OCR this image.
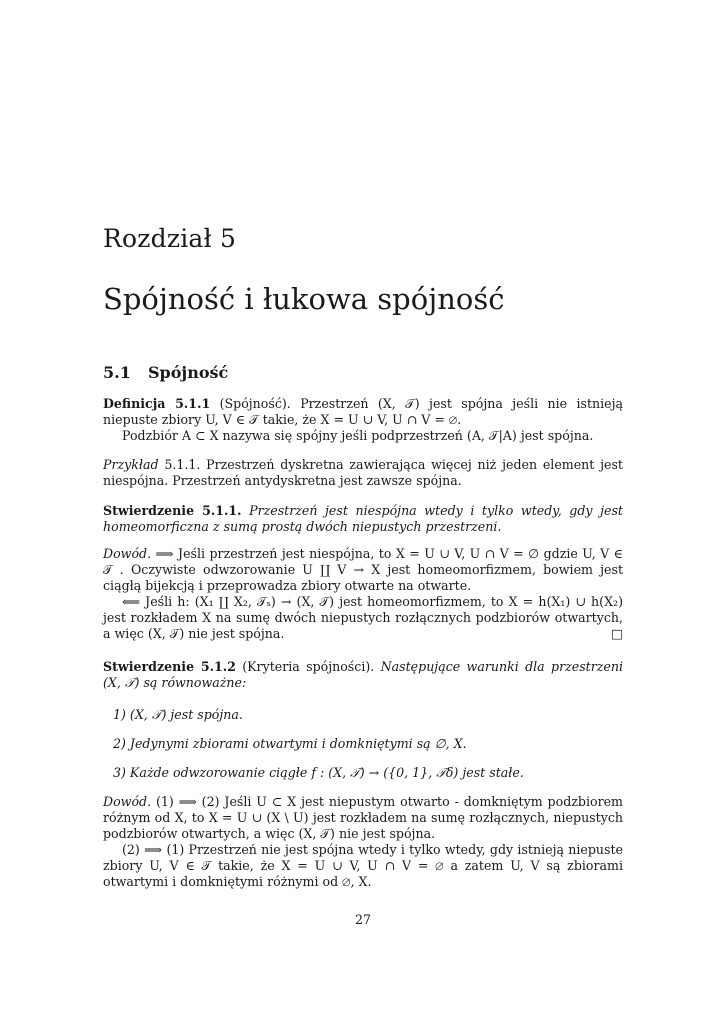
Rozdział 5
Spójność i łukowa spójność
5.1 Spójność

Definicja 5.1.1 (Spójność). Przestrzeń (X, 𝒯) jest spójna jeśli nie istnieją niepuste zbiory U, V ∈ 𝒯 takie, że X = U ∪ V, U ∩ V = ∅.

Podzbiór A ⊂ X nazywa się spójny jeśli podprzestrzeń (A, 𝒯|A) jest spójna.

Przykład 5.1.1. Przestrzeń dyskretna zawierająca więcej niż jeden element jest niespójna. Przestrzeń antydyskretna jest zawsze spójna.

Stwierdzenie 5.1.1. Przestrzeń jest niespójna wtedy i tylko wtedy, gdy jest homeomorficzna z sumą prostą dwóch niepustych przestrzeni.

Dowód. ⟹ Jeśli przestrzeń jest niespójna, to X = U ∪ V, U ∩ V = ∅ gdzie U, V ∈ 𝒯 . Oczywiste odwzorowanie U ∐ V → X jest homeomorfizmem, bowiem jest ciągłą bijekcją i przeprowadza zbiory otwarte na otwarte.

⟸ Jeśli h: (X₁ ∐ X₂, 𝒯ₛ) → (X, 𝒯) jest homeomorfizmem, to X = h(X₁) ∪ h(X₂) jest rozkładem X na sumę dwóch niepustych rozłącznych podzbiorów otwartych, a więc (X, 𝒯) nie jest spójna.	□

Stwierdzenie 5.1.2 (Kryteria spójności). Następujące warunki dla przestrzeni (X, 𝒯) są równoważne:

1) (X, 𝒯) jest spójna.
2) Jedynymi zbiorami otwartymi i domkniętymi są ∅, X.
3) Każde odwzorowanie ciągłe f : (X, 𝒯) → ({0, 1}, 𝒯δ) jest stałe.

Dowód. (1) ⟹ (2) Jeśli U ⊂ X jest niepustym otwarto - domkniętym podzbiorem różnym od X, to X = U ∪ (X \ U) jest rozkładem na sumę rozłącznych, niepustych podzbiorów otwartych, a więc (X, 𝒯) nie jest spójna.

(2) ⟹ (1) Przestrzeń nie jest spójna wtedy i tylko wtedy, gdy istnieją niepuste zbiory U, V ∈ 𝒯 takie, że X = U ∪ V, U ∩ V = ∅ a zatem U, V są zbiorami otwartymi i domkniętymi różnymi od ∅, X.

27
